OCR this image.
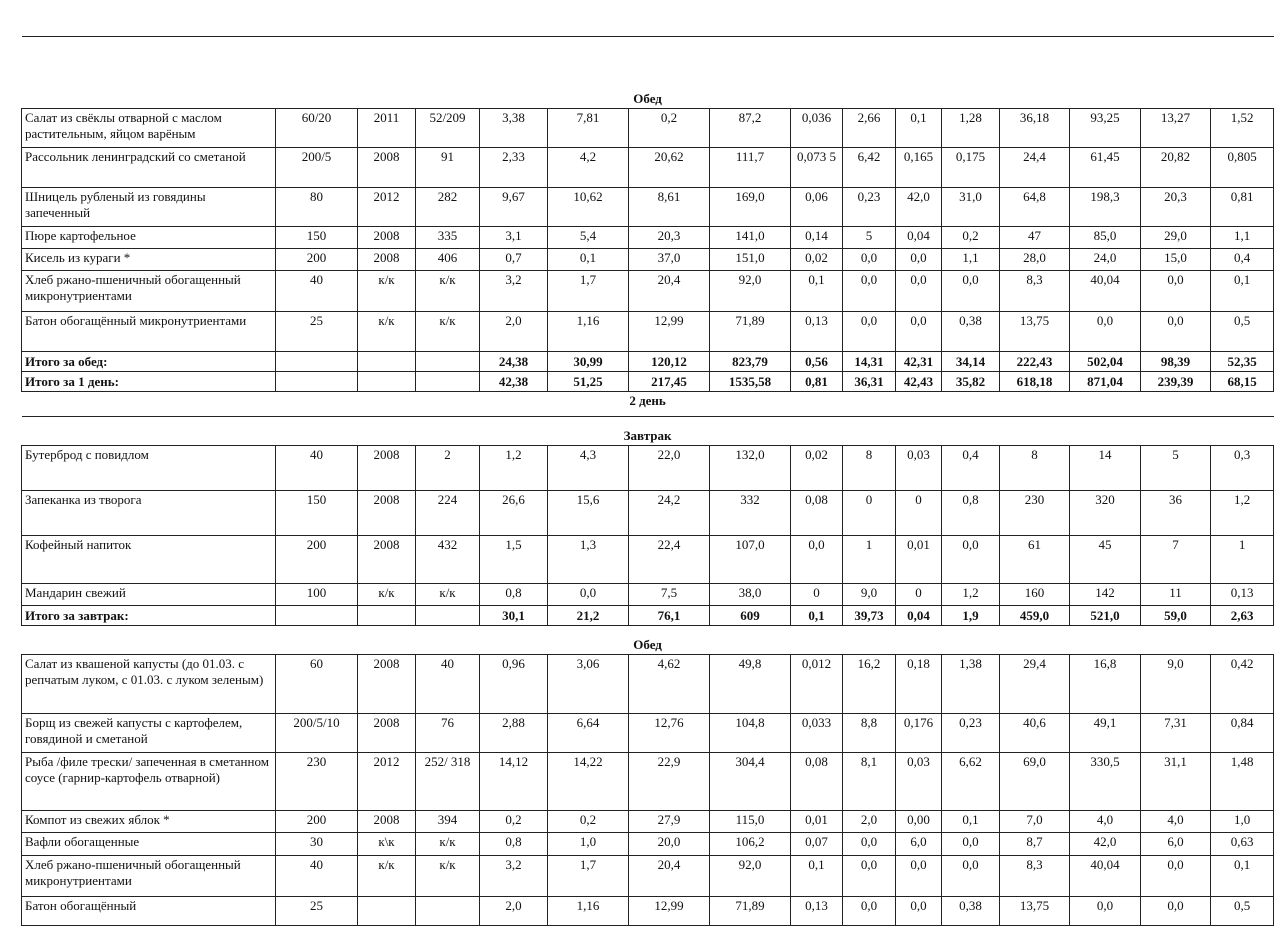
Обед															
Салат из свёклы отварной с маслом растительным, яйцом варёным	60/20	2011	52/209	3,38	7,81	0,2	87,2	0,036	2,66	0,1	1,28	36,18	93,25	13,27	1,52
Рассольник ленинградский со сметаной	200/5	2008	91	2,33	4,2	20,62	111,7	0,073 5	6,42	0,165	0,175	24,4	61,45	20,82	0,805
Шницель рубленый из говядины запеченный	80	2012	282	9,67	10,62	8,61	169,0	0,06	0,23	42,0	31,0	64,8	198,3	20,3	0,81
Пюре картофельное	150	2008	335	3,1	5,4	20,3	141,0	0,14	5	0,04	0,2	47	85,0	29,0	1,1
Кисель из кураги *	200	2008	406	0,7	0,1	37,0	151,0	0,02	0,0	0,0	1,1	28,0	24,0	15,0	0,4
Хлеб ржано-пшеничный обогащенный микронутриентами	40	к/к	к/к	3,2	1,7	20,4	92,0	0,1	0,0	0,0	0,0	8,3	40,04	0,0	0,1
Батон обогащённый микронутриентами	25	к/к	к/к	2,0	1,16	12,99	71,89	0,13	0,0	0,0	0,38	13,75	0,0	0,0	0,5
Итого за обед:				24,38	30,99	120,12	823,79	0,56	14,31	42,31	34,14	222,43	502,04	98,39	52,35
Итого за 1 день:				42,38	51,25	217,45	1535,58	0,81	36,31	42,43	35,82	618,18	871,04	239,39	68,15
2 день															
Завтрак															
Бутерброд с повидлом	40	2008	2	1,2	4,3	22,0	132,0	0,02	8	0,03	0,4	8	14	5	0,3
Запеканка из творога	150	2008	224	26,6	15,6	24,2	332	0,08	0	0	0,8	230	320	36	1,2
Кофейный напиток	200	2008	432	1,5	1,3	22,4	107,0	0,0	1	0,01	0,0	61	45	7	1
Мандарин свежий	100	к/к	к/к	0,8	0,0	7,5	38,0	0	9,0	0	1,2	160	142	11	0,13
Итого за завтрак:				30,1	21,2	76,1	609	0,1	39,73	0,04	1,9	459,0	521,0	59,0	2,63
Обед															
Салат из квашеной капусты (до 01.03. с репчатым луком, с 01.03. с луком зеленым)	60	2008	40	0,96	3,06	4,62	49,8	0,012	16,2	0,18	1,38	29,4	16,8	9,0	0,42
Борщ из свежей капусты с картофелем, говядиной и сметаной	200/5/10	2008	76	2,88	6,64	12,76	104,8	0,033	8,8	0,176	0,23	40,6	49,1	7,31	0,84
Рыба /филе трески/ запеченная в сметанном соусе (гарнир-картофель отварной)	230	2012	252/ 318	14,12	14,22	22,9	304,4	0,08	8,1	0,03	6,62	69,0	330,5	31,1	1,48
Компот из свежих яблок *	200	2008	394	0,2	0,2	27,9	115,0	0,01	2,0	0,00	0,1	7,0	4,0	4,0	1,0
Вафли обогащенные	30	к\к	к/к	0,8	1,0	20,0	106,2	0,07	0,0	6,0	0,0	8,7	42,0	6,0	0,63
Хлеб ржано-пшеничный обогащенный микронутриентами	40	к/к	к/к	3,2	1,7	20,4	92,0	0,1	0,0	0,0	0,0	8,3	40,04	0,0	0,1
Батон обогащённый	25			2,0	1,16	12,99	71,89	0,13	0,0	0,0	0,38	13,75	0,0	0,0	0,5
